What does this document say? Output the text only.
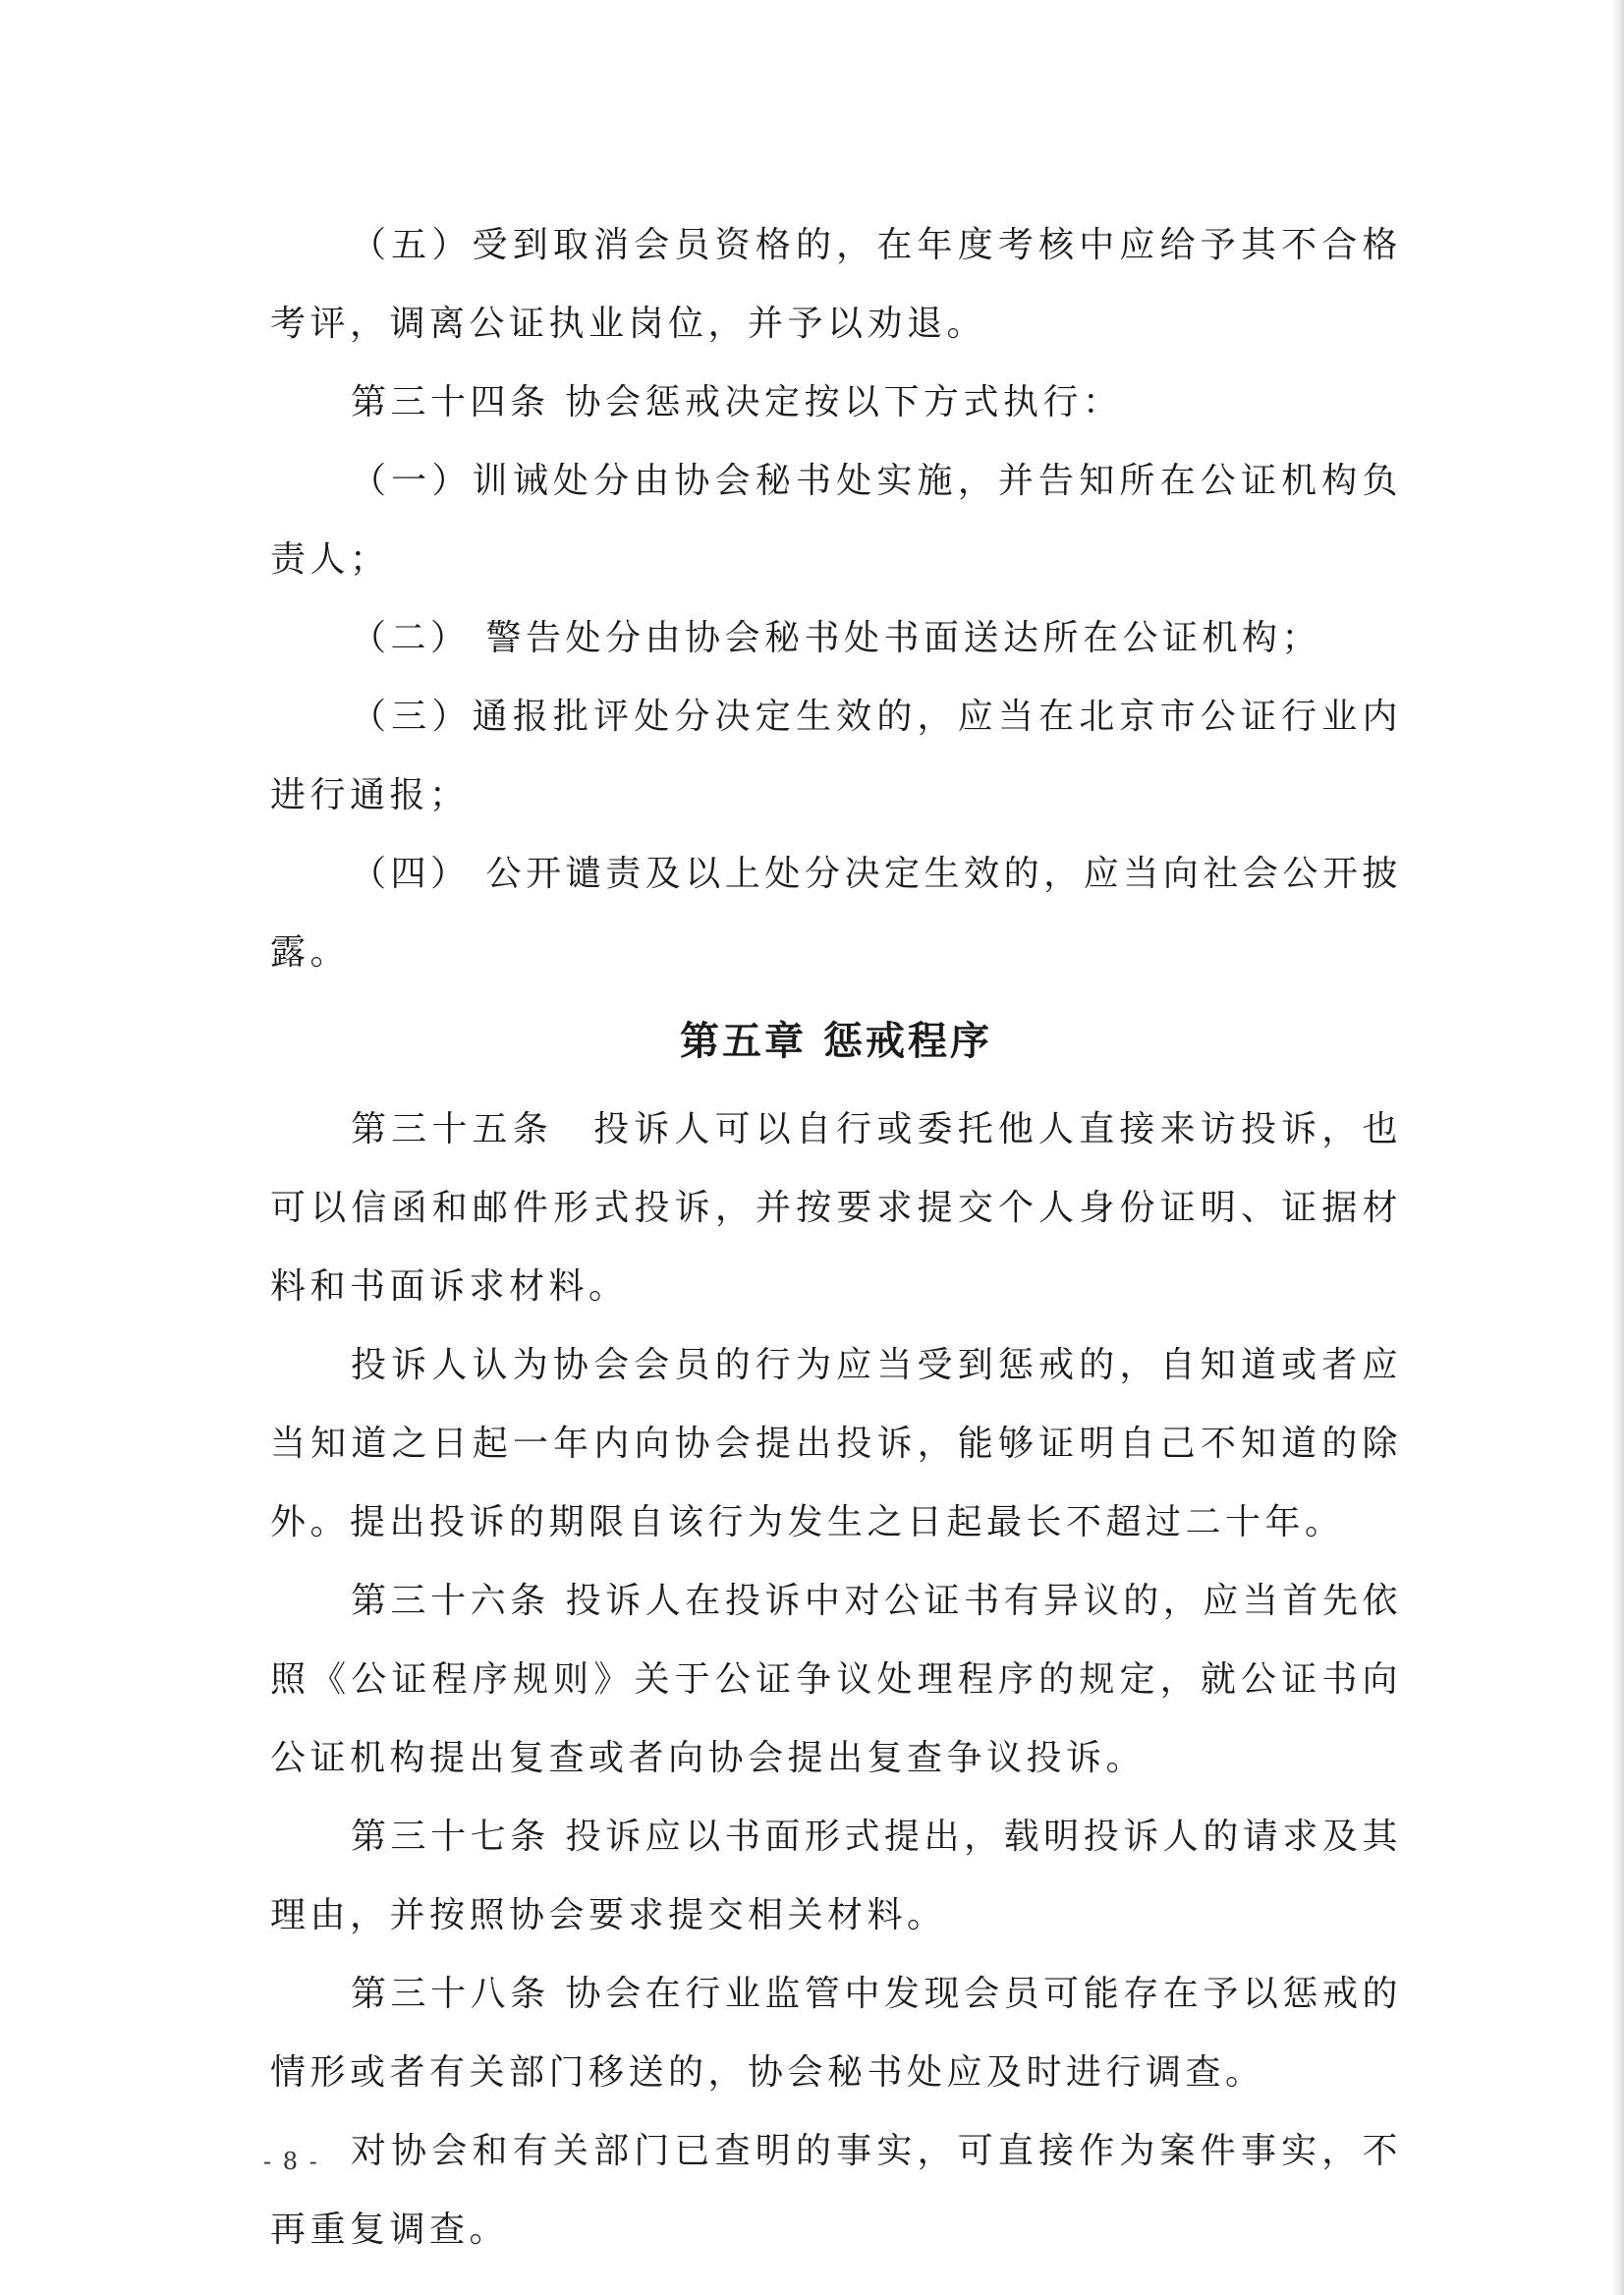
（五）受到取消会员资格的，在年度考核中应给予其不合格考评，调离公证执业岗位，并予以劝退。

第三十四条 协会惩戒决定按以下方式执行：

（一）训诫处分由协会秘书处实施，并告知所在公证机构负责人；

（二） 警告处分由协会秘书处书面送达所在公证机构；

（三）通报批评处分决定生效的，应当在北京市公证行业内进行通报；

（四） 公开谴责及以上处分决定生效的，应当向社会公开披露。

第五章 惩戒程序

第三十五条　投诉人可以自行或委托他人直接来访投诉，也可以信函和邮件形式投诉，并按要求提交个人身份证明、证据材料和书面诉求材料。

投诉人认为协会会员的行为应当受到惩戒的，自知道或者应当知道之日起一年内向协会提出投诉，能够证明自己不知道的除外。提出投诉的期限自该行为发生之日起最长不超过二十年。

第三十六条 投诉人在投诉中对公证书有异议的，应当首先依照《公证程序规则》关于公证争议处理程序的规定，就公证书向公证机构提出复查或者向协会提出复查争议投诉。

第三十七条 投诉应以书面形式提出，载明投诉人的请求及其理由，并按照协会要求提交相关材料。

第三十八条 协会在行业监管中发现会员可能存在予以惩戒的情形或者有关部门移送的，协会秘书处应及时进行调查。

对协会和有关部门已查明的事实，可直接作为案件事实，不再重复调查。

- 8 -
